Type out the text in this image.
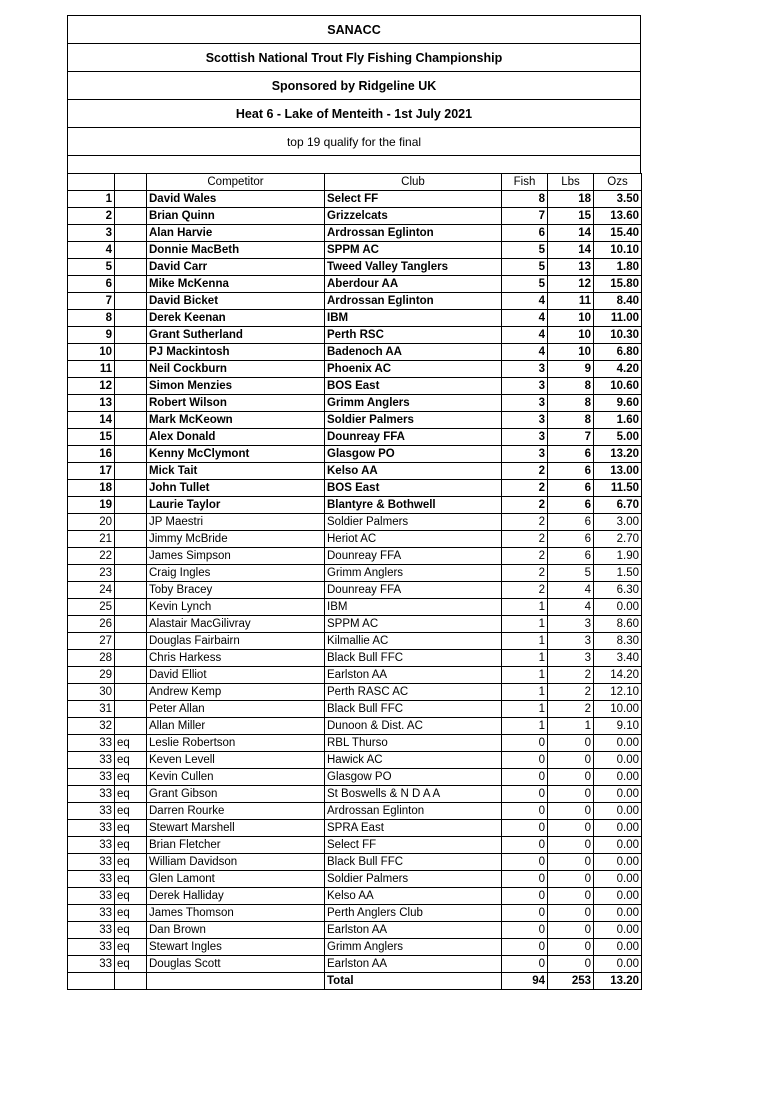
SANACC
Scottish National Trout Fly Fishing Championship
Sponsored by Ridgeline UK
Heat 6 - Lake of Menteith - 1st July 2021
top 19 qualify for the final
		Competitor	Club	Fish	Lbs	Ozs
1		David Wales	Select FF	8	18	3.50
2		Brian Quinn	Grizzelcats	7	15	13.60
3		Alan Harvie	Ardrossan Eglinton	6	14	15.40
4		Donnie MacBeth	SPPM AC	5	14	10.10
5		David Carr	Tweed Valley Tanglers	5	13	1.80
6		Mike McKenna	Aberdour AA	5	12	15.80
7		David Bicket	Ardrossan Eglinton	4	11	8.40
8		Derek Keenan	IBM	4	10	11.00
9		Grant Sutherland	Perth RSC	4	10	10.30
10		PJ Mackintosh	Badenoch AA	4	10	6.80
11		Neil Cockburn	Phoenix AC	3	9	4.20
12		Simon Menzies	BOS East	3	8	10.60
13		Robert Wilson	Grimm Anglers	3	8	9.60
14		Mark McKeown	Soldier Palmers	3	8	1.60
15		Alex Donald	Dounreay FFA	3	7	5.00
16		Kenny McClymont	Glasgow PO	3	6	13.20
17		Mick Tait	Kelso AA	2	6	13.00
18		John Tullet	BOS East	2	6	11.50
19		Laurie Taylor	Blantyre & Bothwell	2	6	6.70
20		JP Maestri	Soldier Palmers	2	6	3.00
21		Jimmy McBride	Heriot AC	2	6	2.70
22		James Simpson	Dounreay FFA	2	6	1.90
23		Craig Ingles	Grimm Anglers	2	5	1.50
24		Toby Bracey	Dounreay FFA	2	4	6.30
25		Kevin Lynch	IBM	1	4	0.00
26		Alastair MacGilivray	SPPM AC	1	3	8.60
27		Douglas Fairbairn	Kilmallie AC	1	3	8.30
28		Chris Harkess	Black Bull FFC	1	3	3.40
29		David Elliot	Earlston AA	1	2	14.20
30		Andrew Kemp	Perth RASC AC	1	2	12.10
31		Peter Allan	Black Bull FFC	1	2	10.00
32		Allan Miller	Dunoon & Dist. AC	1	1	9.10
33	eq	Leslie Robertson	RBL Thurso	0	0	0.00
33	eq	Keven Levell	Hawick AC	0	0	0.00
33	eq	Kevin Cullen	Glasgow PO	0	0	0.00
33	eq	Grant Gibson	St Boswells & N D A A	0	0	0.00
33	eq	Darren Rourke	Ardrossan Eglinton	0	0	0.00
33	eq	Stewart Marshell	SPRA East	0	0	0.00
33	eq	Brian Fletcher	Select FF	0	0	0.00
33	eq	William Davidson	Black Bull FFC	0	0	0.00
33	eq	Glen Lamont	Soldier Palmers	0	0	0.00
33	eq	Derek Halliday	Kelso AA	0	0	0.00
33	eq	James Thomson	Perth Anglers Club	0	0	0.00
33	eq	Dan Brown	Earlston AA	0	0	0.00
33	eq	Stewart Ingles	Grimm Anglers	0	0	0.00
33	eq	Douglas Scott	Earlston AA	0	0	0.00
			Total	94	253	13.20
